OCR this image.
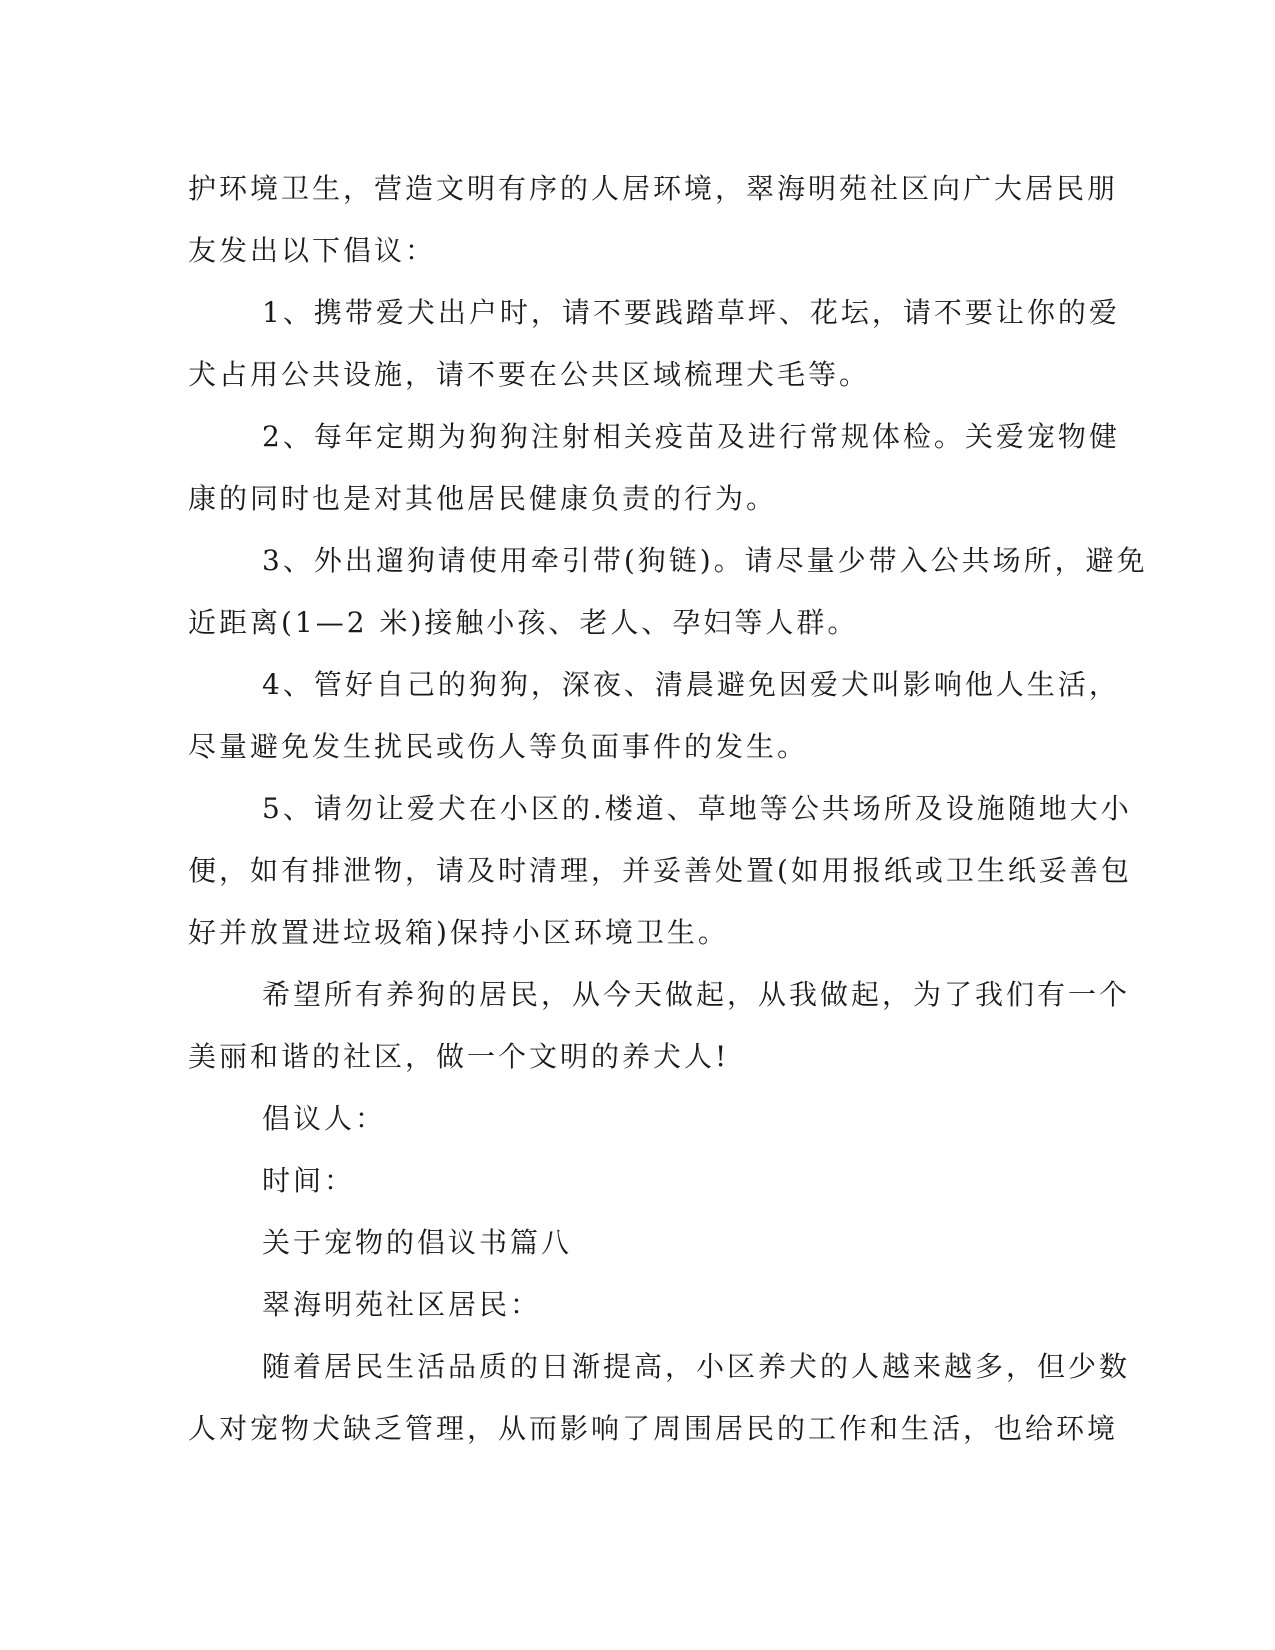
护环境卫生，营造文明有序的人居环境，翠海明苑社区向广大居民朋

友发出以下倡议：

1、携带爱犬出户时，请不要践踏草坪、花坛，请不要让你的爱

犬占用公共设施，请不要在公共区域梳理犬毛等。

2、每年定期为狗狗注射相关疫苗及进行常规体检。关爱宠物健

康的同时也是对其他居民健康负责的行为。

3、外出遛狗请使用牵引带(狗链)。请尽量少带入公共场所，避免

近距离(1—2 米)接触小孩、老人、孕妇等人群。

4、管好自己的狗狗，深夜、清晨避免因爱犬叫影响他人生活，

尽量避免发生扰民或伤人等负面事件的发生。

5、请勿让爱犬在小区的.楼道、草地等公共场所及设施随地大小

便，如有排泄物，请及时清理，并妥善处置(如用报纸或卫生纸妥善包

好并放置进垃圾箱)保持小区环境卫生。

希望所有养狗的居民，从今天做起，从我做起，为了我们有一个

美丽和谐的社区，做一个文明的养犬人!

倡议人：

时间：

关于宠物的倡议书篇八

翠海明苑社区居民：

随着居民生活品质的日渐提高，小区养犬的人越来越多，但少数

人对宠物犬缺乏管理，从而影响了周围居民的工作和生活，也给环境
